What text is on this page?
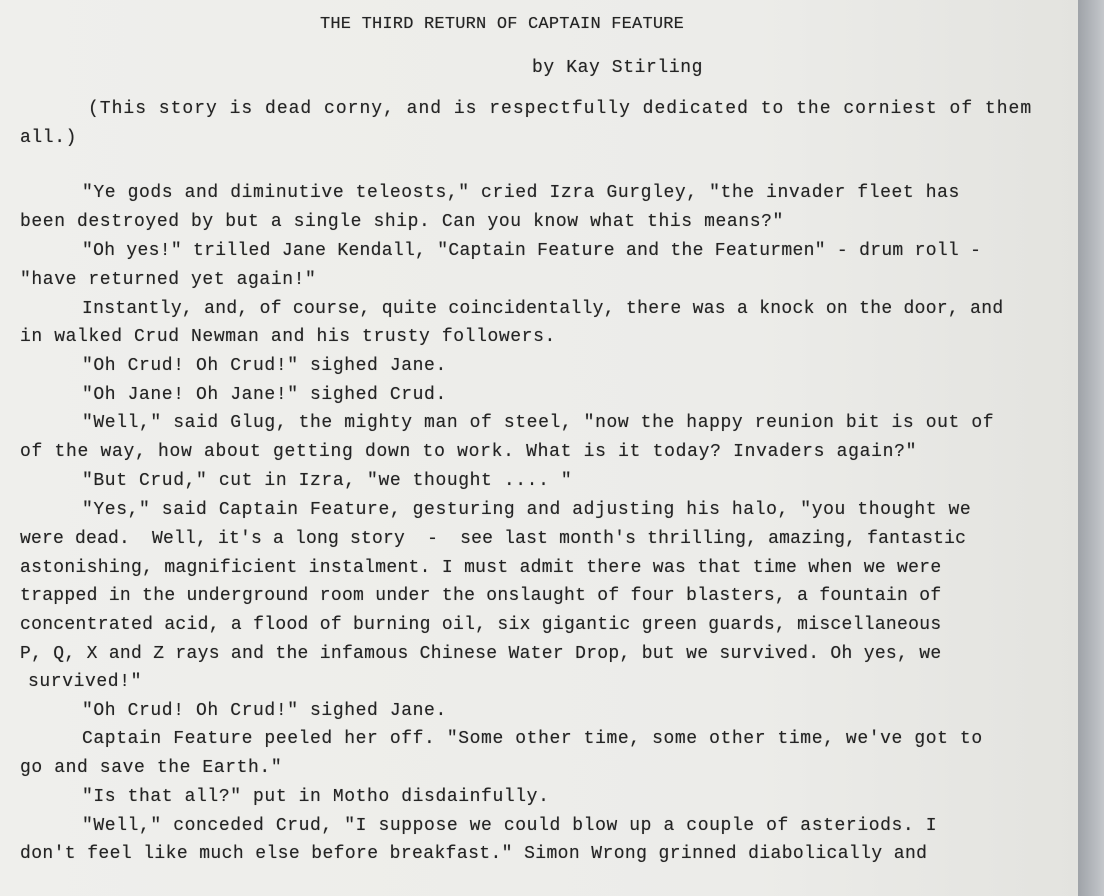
THE THIRD RETURN OF CAPTAIN FEATURE
by Kay Stirling
(This story is dead corny, and is respectfully dedicated to the corniest of them
all.)
"Ye gods and diminutive teleosts," cried Izra Gurgley, "the invader fleet has
been destroyed by but a single ship. Can you know what this means?"
"Oh yes!" trilled Jane Kendall, "Captain Feature and the Featurmen" - drum roll -
"have returned yet again!"
Instantly, and, of course, quite coincidentally, there was a knock on the door, and
in walked Crud Newman and his trusty followers.
"Oh Crud! Oh Crud!" sighed Jane.
"Oh Jane! Oh Jane!" sighed Crud.
"Well," said Glug, the mighty man of steel, "now the happy reunion bit is out of
of the way, how about getting down to work. What is it today? Invaders again?"
"But Crud," cut in Izra, "we thought .... "
"Yes," said Captain Feature, gesturing and adjusting his halo, "you thought we
were dead.  Well, it's a long story  -  see last month's thrilling, amazing, fantastic
astonishing, magnificient instalment. I must admit there was that time when we were
trapped in the underground room under the onslaught of four blasters, a fountain of
concentrated acid, a flood of burning oil, six gigantic green guards, miscellaneous
P, Q, X and Z rays and the infamous Chinese Water Drop, but we survived. Oh yes, we
survived!"
"Oh Crud! Oh Crud!" sighed Jane.
Captain Feature peeled her off. "Some other time, some other time, we've got to
go and save the Earth."
"Is that all?" put in Motho disdainfully.
"Well," conceded Crud, "I suppose we could blow up a couple of asteriods. I
don't feel like much else before breakfast." Simon Wrong grinned diabolically and
